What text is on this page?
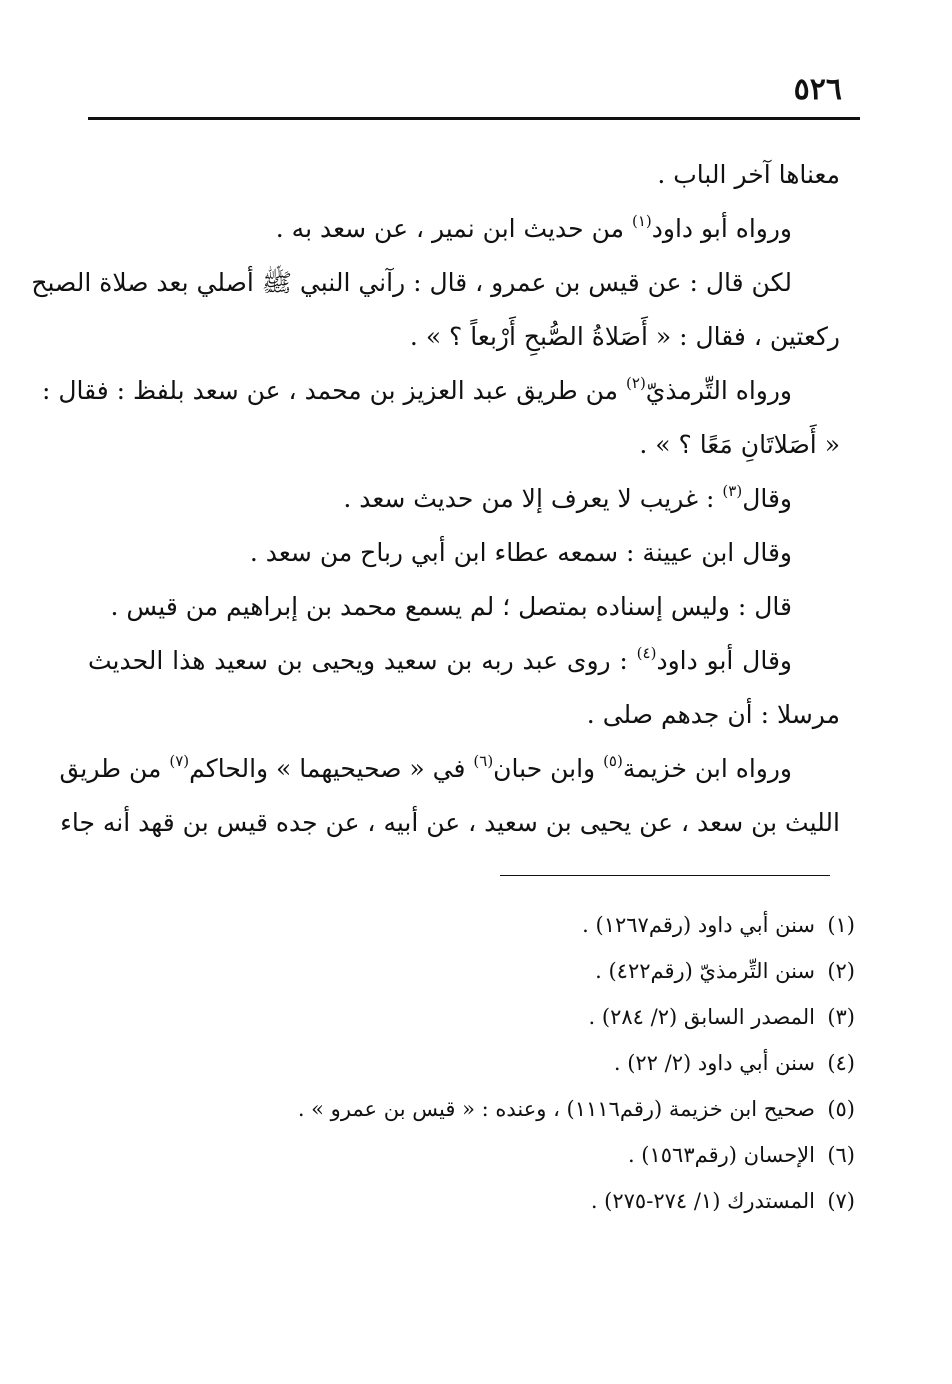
٥٢٦
معناها آخر الباب .
ورواه أبو داود$^{(١)}$ من حديث ابن نمير ، عن سعد به .
لكن قال : عن قيس بن عمرو ، قال : رآني النبي ﷺ أصلي بعد صلاة الصبح
ركعتين ، فقال : « أَصَلاةُ الصُّبحِ أَرْبعاً ؟ » .
ورواه التِّرمذيّ$^{(٢)}$ من طريق عبد العزيز بن محمد ، عن سعد بلفظ : فقال :
« أَصَلاتَانِ مَعًا ؟ » .
وقال$^{(٣)}$ : غريب لا يعرف إلا من حديث سعد .
وقال ابن عيينة : سمعه عطاء ابن أبي رباح من سعد .
قال : وليس إسناده بمتصل ؛ لم يسمع محمد بن إبراهيم من قيس .
وقال أبو داود$^{(٤)}$ : روى عبد ربه بن سعيد ويحيى بن سعيد هذا الحديث
مرسلا : أن جدهم صلى .
ورواه ابن خزيمة$^{(٥)}$ وابن حبان$^{(٦)}$ في « صحيحيهما » والحاكم$^{(٧)}$ من طريق
الليث بن سعد ، عن يحيى بن سعيد ، عن أبيه ، عن جده قيس بن قهد أنه جاء
(١)سنن أبي داود (رقم١٢٦٧) .
(٢)سنن التِّرمذيّ (رقم٤٢٢) .
(٣)المصدر السابق (٢/ ٢٨٤) .
(٤)سنن أبي داود (٢/ ٢٢) .
(٥)صحيح ابن خزيمة (رقم١١١٦) ، وعنده : « قيس بن عمرو » .
(٦)الإحسان (رقم١٥٦٣) .
(٧)المستدرك (١/ ٢٧٤-٢٧٥) .
